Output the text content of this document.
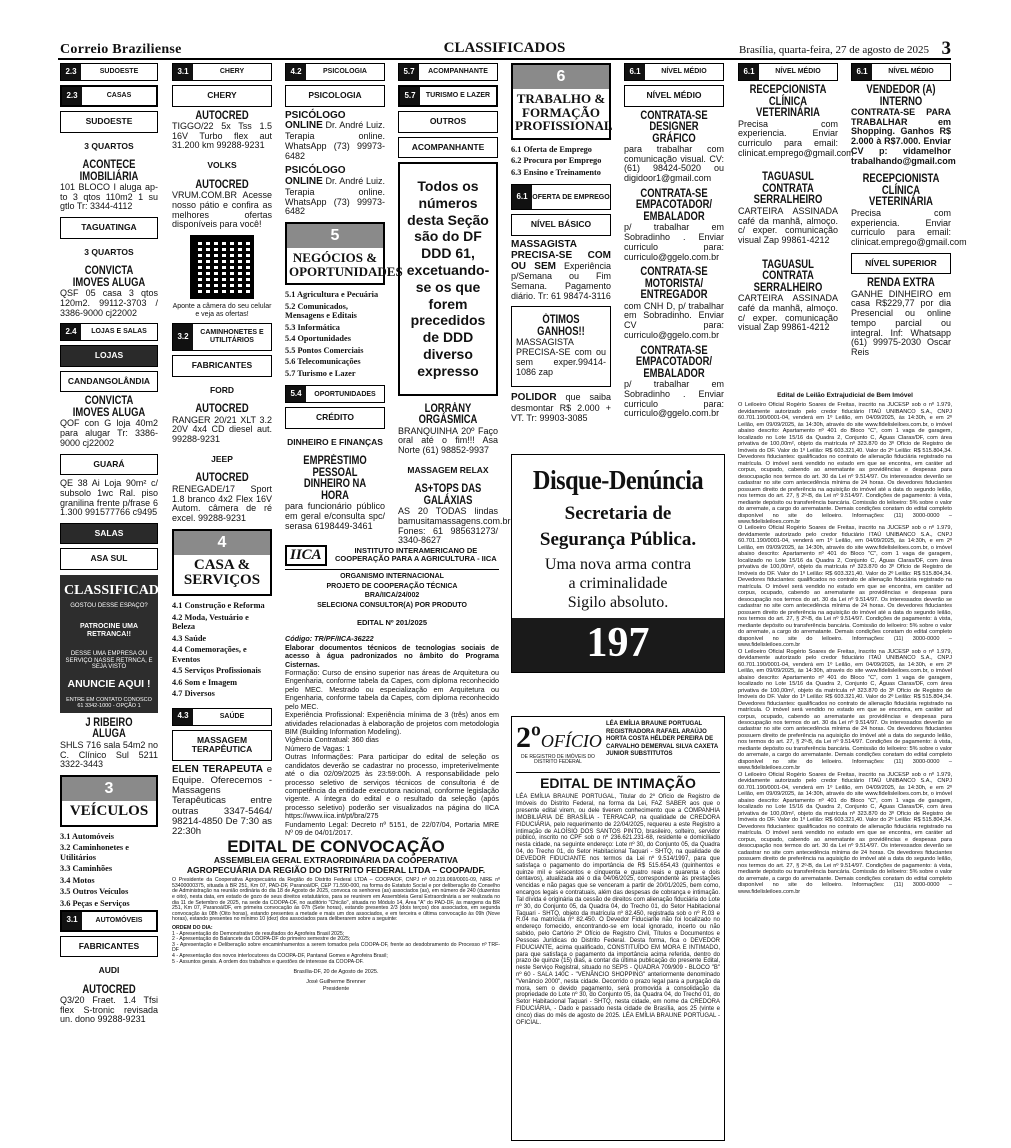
Correio Braziliense	CLASSIFICADOS	Brasília, quarta-feira, 27 de agosto de 2025 3
2.3	SUDOESTE
2.3	CASAS
SUDOESTE
3 QUARTOS
ACONTECE IMOBILIÁRIA
101 BLOCO I aluga ap-to 3 qtos 110m2 1 su gtlo Tr: 3344-4112
TAGUATINGA
3 QUARTOS
CONVICTA IMOVES ALUGA
QSF 05 casa 3 qtos 120m2. 99112-3703 / 3386-9000 cj22002
2.4	LOJAS E SALAS
LOJAS
CANDANGOLÂNDIA
CONVICTA IMOVES ALUGA
QOF con G loja 40m2 para alugar Tr: 3386-9000 cj22002
GUARÁ
QE 38 Ai Loja 90m² c/ subsolo 1wc Ral. piso granilina frente p/frase 6 1.300 991577766 c9495
SALAS
ASA SUL
CLASSIFICADOS
GOSTOU DESSE ESPAÇO?
PATROCINE UMA RETRANCA!!
DESSE UMA EMPRESA OU SERVIÇO NASSE RETRNCA, E SEJA VISTO
ANUNCIE AQUI !
ENTRE EM CONTATO CONOSCO 61 3342-1000 - OPÇÃO 1
J RIBEIRO ALUGA
SHLS 716 sala 54m2 no C. Clínico Sul 5211 3322-3443
3
VEÍCULOS
3.1 Automóveis
3.2 Caminhonetes e Utilitários
3.3 Caminhões
3.4 Motos
3.5 Outros Veículos
3.6 Peças e Serviços
3.1	AUTOMÓVEIS
FABRICANTES
AUDI
AUTOCRED
Q3/20 Fraet. 1.4 Tfsi flex S-tronic revisada un. dono 99288-9231
3.1	CHERY
CHERY
AUTOCRED
TIGGO/22 5x Tss 1.5 16V Turbo flex aut 31.200 km 99288-9231
VOLKS
AUTOCRED
VRUM.COM.BR Acesse nosso pátio e confira as melhores ofertas disponíveis para você!
Aponte a câmera do seu celular e veja as ofertas!
3.2	CAMINHONETES E UTILITÁRIOS
FABRICANTES
FORD
AUTOCRED
RANGER 20/21 XLT 3.2 20V 4x4 CD diesel aut. 99288-9231
JEEP
AUTOCRED
RENEGADE/17 Sport 1.8 branco 4x2 Flex 16V Autom. câmera de ré excel. 99288-9231
4
CASA & SERVIÇOS
4.1 Construção e Reforma
4.2 Moda, Vestuário e Beleza
4.3 Saúde
4.4 Comemorações, e Eventos
4.5 Serviços Profissionais
4.6 Som e Imagem
4.7 Diversos
4.3	SAÚDE
MASSAGEM TERAPÊUTICA
ELEN TERAPEUTA e Equipe. Oferecemos - Massagens Terapêuticas entre outras 3347-5464/ 98214-4850 De 7:30 as 22:30h
4.2	PSICOLOGIA
PSICOLOGIA
PSICÓLOGO ONLINE Dr. André Luiz. Terapia online. WhatsApp (73) 99973-6482
PSICÓLOGO ONLINE Dr. André Luiz. Terapia online. WhatsApp (73) 99973-6482
5
NEGÓCIOS & OPORTUNIDADES
5.1 Agricultura e Pecuária
5.2 Comunicados, Mensagens e Editais
5.3 Informática
5.4 Oportunidades
5.5 Pontos Comerciais
5.6 Telecomunicações
5.7 Turismo e Lazer
5.4	OPORTUNIDADES
CRÉDITO
DINHEIRO E FINANÇAS
EMPRÉSTIMO PESSOAL DINHEIRO NA HORA
para funcionário público em geral e/consulta spc/ serasa 6198449-3461
5.7	ACOMPANHANTE
5.7	TURISMO E LAZER
OUTROS
ACOMPANHANTE
Todos os números desta Seção são do DF DDD 61, excetuando-se os que forem precedidos de DDD diverso expresso
LORRÁNY ORGÁSMICA
BRANQUINHA 20º Faço oral até o fim!!! Asa Norte (61) 98852-9937
MASSAGEM RELAX
AS+TOPS DAS GALÁXIAS
AS 20 TODAS lindas bamusitamassagens.com.br Fones: 61 985631273/ 3340-8627
6
TRABALHO & FORMAÇÃO PROFISSIONAL
6.1 Oferta de Emprego
6.2 Procura por Emprego
6.3 Ensino e Treinamento
6.1 OFERTA DE EMPREGO
NÍVEL BÁSICO
MASSAGISTA PRECISA-SE COM OU SEM Experiência p/Semana ou Fim Semana. Pagamento diário. Tr: 61 98474-3116
ÓTIMOS GANHOS!!
MASSAGISTA PRECISA-SE com ou sem exper.99414-1086 zap
POLIDOR que saiba desmontar R$ 2.000 + VT. Tr: 99903-3085
6.1	NÍVEL MÉDIO
NÍVEL MÉDIO
CONTRATA-SE DESIGNER GRÁFICO
para trabalhar com comunicação visual. CV: (61) 98424-5020 ou digidoor1@gmail.com
CONTRATA-SE EMPACOTADOR/ EMBALADOR
p/ trabalhar em Sobradinho . Enviar curriculo para: curriculo@ggelo.com.br
CONTRATA-SE MOTORISTA/ ENTREGADOR
com CNH D, p/ trabalhar em Sobradinho. Enviar CV para: curriculo@ggelo.com.br
CONTRATA-SE EMPACOTADOR/ EMBALADOR
p/ trabalhar em Sobradinho . Enviar curriculo para: curriculo@ggelo.com.br
6.1	NÍVEL MÉDIO
RECEPCIONISTA CLÍNICA VETERINÁRIA
Precisa com experiencia. Enviar curriculo para email: clinicat.emprego@gmail.com
TAGUASUL CONTRATA SERRALHEIRO
CARTEIRA ASSINADA café da manhã, almoço. c/ exper. comunicação visual Zap 99861-4212
TAGUASUL CONTRATA SERRALHEIRO
CARTEIRA ASSINADA café da manhã, almoço. c/ exper. comunicação visual Zap 99861-4212
6.1	NÍVEL MÉDIO
VENDEDOR (A) INTERNO
CONTRATA-SE PARA TRABALHAR em Shopping. Ganhos R$ 2.000 à R$7.000. Enviar CV p: vidamelhor trabalhando@gmail.com
RECEPCIONISTA CLÍNICA VETERINÁRIA
Precisa com experiencia. Enviar curriculo para email: clinicat.emprego@gmail.com
NÍVEL SUPERIOR
RENDA EXTRA
GANHE DINHEIRO em casa R$229,77 por dia Presencial ou online tempo parcial ou integral. Inf: Whatsapp (61) 99975-2030 Oscar Reis
IICA	INSTITUTO INTERAMERICANO DE COOPERAÇÃO PARA A AGRICULTURA - IICA
ORGANISMO INTERNACIONAL
PROJETO DE COOPERAÇÃO TÉCNICA
BRA/IICA/24/002
SELECIONA CONSULTOR(A) POR PRODUTO
EDITAL Nº 201/2025
Código: TR/PF/IICA-36222
Elaborar documentos técnicos de tecnologias sociais de acesso à água padronizados no âmbito do Programa Cisternas.
Formação: Curso de ensino superior nas áreas de Arquitetura ou Engenharia, conforme tabela da Capes, com diploma reconhecido pelo MEC. Mestrado ou especialização em Arquitetura ou Engenharia, conforme tabela da Capes, com diploma reconhecido pelo MEC.
Experiência Profissional: Experiência mínima de 3 (três) anos em atividades relacionadas à elaboração de projetos com metodologia BIM (Building Information Modeling).
Vigência Contratual: 360 dias
Número de Vagas: 1
Outras Informações: Para participar do edital de seleção os candidatos deverão se cadastrar no processo, impreterivelmente até o dia 02/09/2025 às 23:59:00h. A responsabilidade pelo processo seletivo de serviços técnicos de consultoria é de competência da entidade executora nacional, conforme legislação vigente. A íntegra do edital e o resultado da seleção (após processo seletivo) poderão ser visualizados na página do IICA https://www.iica.int/pt/bra/275
Fundamento Legal: Decreto nº 5151, de 22/07/04, Portaria MRE Nº 09 de 04/01/2017.
EDITAL DE CONVOCAÇÃO
ASSEMBLEIA GERAL EXTRAORDINÁRIA DA COOPERATIVA
AGROPECUÁRIA DA REGIÃO DO DISTRITO FEDERAL LTDA – COOPA/DF.
O Presidente da Cooperativa Agropecuária da Região do Distrito Federal LTDA – COOPA/DF, CNPJ nº 00.219.069/0001-09, NIRE nº 53400000375, situada à BR 251, Km 07, PAD-DF, Paranoá/DF, CEP 71.590-000, na forma do Estatuto Social e por deliberação do Conselho de Administração na reunião ordinária do dia 18 de Agosto de 2025, convoca os senhores (as) associados (as), em número de 240 (duzentos e oito), nesta data, em estado de gozo de seus direitos estatutários, para se reunirem em Assembleia Geral Extraordinária a ser realizada no dia 11 de Setembro de 2025, na sede da COOPA-DF, no auditório "Chicão", situada no Módulo 14, Área "A" do PAD-DF, às margens da BR 251, Km 07, Paranoá/DF, em primeira convocação às 07h (Sete horas), estando presentes 2/3 (dois terços) dos associados, em segunda convocação às 08h (Oito horas), estando presentes a metade e mais um dos associados, e em terceira e última convocação às 09h (Nove horas), estando presentes no mínimo 10 (dez) dos associados para deliberarem sobre a seguinte:
ORDEM DO DIA:
1 - Apresentação do Demonstrativo de resultados do Agrofeira Brasil 2025;
2 - Apresentação do Balancete da COOPA-DF do primeiro semestre de 2025;
3 - Apresentação e Deliberação sobre encaminhamentos a serem tomados pela COOPA-DF, frente ao desdobramento do Processo nº TRF-DF
4 - Apresentação dos novos interlocutores da COOPA-DF, Pantanal Gomes e Agrofeira Brasil;
5 - Assuntos gerais. A ordem dos trabalhos e questões de interesse da COOPA-DF.
Brasília-DF, 20 de Agosto de 2025.
José Guilherme Brenner
Presidente
Disque-Denúncia
Secretaria de
Segurança Pública.
Uma nova arma contra
a criminalidade
Sigilo absoluto.
197
2ºOFÍCIO
DE REGISTRO DE IMÓVEIS DO DISTRITO FEDERAL
LÉA EMÍLIA BRAUNE PORTUGAL REGISTRADORA RAFAEL ARAÚJO HORTA COSTA HÉLDER PEREIRA DE CARVALHO DEMERVAL SILVA CAXETA JUNIOR SUBSTITUTOS
EDITAL DE INTIMAÇÃO
LÉA EMÍLIA BRAUNE PORTUGAL, Titular do 2º Ofício de Registro de Imóveis do Distrito Federal, na forma da Lei, FAZ SABER aos que o presente edital virem, ou dele tiverem conhecimento que a COMPANHIA IMOBILIÁRIA DE BRASÍLIA - TERRACAP, na qualidade de CREDORA FIDUCIÁRIA, pelo requerimento de 22/04/2025, requereu a este Registro a intimação de ALOÍSIO DOS SANTOS PINTO, brasileiro, solteiro, servidor público, inscrito no CPF sob o nº 236.621.231-68, residente e domiciliado nesta cidade, na seguinte endereço: Lote nº 30, do Conjunto 05, da Quadra 04, do Trecho 01, do Setor Habitacional Taquari - SHTQ, na qualidade de DEVEDOR FIDUCIANTE nos termos da Lei nº 9.514/1997, para que satisfaça o pagamento do importância de R$ 515.654,43 (quinhentos e quinze mil e seiscentos e cinquenta e quatro reais e quarenta e dois centavos), atualizada até o dia 04/06/2025, correspondente às prestações vencidas e não pagas que se venceram a partir de 20/01/2025, bem como, encargos legais e contratuais, além das despesas de cobrança e intimação. Tal dívida é originária da cessão de direitos com alienação fiduciária do Lote nº 30, do Conjunto 05, da Quadra 04, do Trecho 01, do Setor Habitacional Taquari - SHTQ, objeto da matrícula nº 82.450, registrada sob o nº R.03 e R.04 na matrícula nº 82.450. O Devedor Fiduciante não foi localizado no endereço fornecido, encontrando-se em local ignorado, incerto ou não sabido, pelo Cartório 2º Ofício de Registro Civil, Títulos e Documentos e Pessoas Jurídicas do Distrito Federal. Desta forma, fica o DEVEDOR FIDUCIANTE, acima qualificado, CONSTITUÍDO EM MORA E INTIMADO, para que satisfaça o pagamento da importância acima referida, dentro do prazo de quinze (15) dias, a contar da última publicação do presente Edital, neste Serviço Registral, situado no SEPS - QUADRA 709/909 - BLOCO "B" nº 60 - SALA 140C - "VENÂNCIO SHOPPING" anteriormente denominado "Venâncio 2000", nesta cidade. Decorrido o prazo legal para a purgação da mora, sem o devido pagamento, será promovida a consolidação da propriedade do Lote nº 30, do Conjunto 05, da Quadra 04, do Trecho 01, do Setor Habitacional Taquari - SHTQ, nesta cidade, em nome da CREDORA FIDUCIÁRIA, - Dado e passado nesta cidade de Brasília, aos 25 (vinte e cinco) dias do mês de agosto de 2025. LÉA EMÍLIA BRAUNE PORTUGAL - OFICIAL.
Edital de Leilão Extrajudicial de Bem Imóvel
O Leiloeiro Oficial Rogério Soares de Freitas, inscrito na JUCESP sob o nº 1.979, devidamente autorizado pelo credor fiduciário ITAÚ UNIBANCO S.A., CNPJ 60.701.190/0001-04, venderá em 1º Leilão, em 04/09/2025, às 14:30h, e em 2º Leilão, em 09/09/2025, às 14:30h, através do site www.fidelisleiloes.com.br, o imóvel abaixo descrito: Apartamento nº 401 do Bloco "C", com 1 vaga de garagem, localizado no Lote 15/16 da Quadra 2, Conjunto C, Águas Claras/DF, com área privativa de 100,00m², objeto da matrícula nº 323.870 do 3º Ofício de Registro de Imóveis do DF. Valor do 1º Leilão: R$ 603.321,40. Valor do 2º Leilão: R$ 515.804,34. Devedores fiduciantes: qualificados no contrato de alienação fiduciária registrado na matrícula. O imóvel será vendido no estado em que se encontra, em caráter ad corpus, ocupado, cabendo ao arrematante as providências e despesas para desocupação nos termos do art. 30 da Lei nº 9.514/97. Os interessados deverão se cadastrar no site com antecedência mínima de 24 horas. Os devedores fiduciantes possuem direito de preferência na aquisição do imóvel até a data do segundo leilão, nos termos do art. 27, § 2º-B, da Lei nº 9.514/97. Condições de pagamento: à vista, mediante depósito ou transferência bancária. Comissão do leiloeiro: 5% sobre o valor do arremate, a cargo do arrematante. Demais condições constam do edital completo disponível no site do leiloeiro. Informações: (11) 3000-0000 – www.fidelisleiloes.com.br
O Leiloeiro Oficial Rogério Soares de Freitas, inscrito na JUCESP sob o nº 1.979, devidamente autorizado pelo credor fiduciário ITAÚ UNIBANCO S.A., CNPJ 60.701.190/0001-04, venderá em 1º Leilão, em 04/09/2025, às 14:30h, e em 2º Leilão, em 09/09/2025, às 14:30h, através do site www.fidelisleiloes.com.br, o imóvel abaixo descrito: Apartamento nº 401 do Bloco "C", com 1 vaga de garagem, localizado no Lote 15/16 da Quadra 2, Conjunto C, Águas Claras/DF, com área privativa de 100,00m², objeto da matrícula nº 323.870 do 3º Ofício de Registro de Imóveis do DF. Valor do 1º Leilão: R$ 603.321,40. Valor do 2º Leilão: R$ 515.804,34. Devedores fiduciantes: qualificados no contrato de alienação fiduciária registrado na matrícula. O imóvel será vendido no estado em que se encontra, em caráter ad corpus, ocupado, cabendo ao arrematante as providências e despesas para desocupação nos termos do art. 30 da Lei nº 9.514/97. Os interessados deverão se cadastrar no site com antecedência mínima de 24 horas. Os devedores fiduciantes possuem direito de preferência na aquisição do imóvel até a data do segundo leilão, nos termos do art. 27, § 2º-B, da Lei nº 9.514/97. Condições de pagamento: à vista, mediante depósito ou transferência bancária. Comissão do leiloeiro: 5% sobre o valor do arremate, a cargo do arrematante. Demais condições constam do edital completo disponível no site do leiloeiro. Informações: (11) 3000-0000 – www.fidelisleiloes.com.br
O Leiloeiro Oficial Rogério Soares de Freitas, inscrito na JUCESP sob o nº 1.979, devidamente autorizado pelo credor fiduciário ITAÚ UNIBANCO S.A., CNPJ 60.701.190/0001-04, venderá em 1º Leilão, em 04/09/2025, às 14:30h, e em 2º Leilão, em 09/09/2025, às 14:30h, através do site www.fidelisleiloes.com.br, o imóvel abaixo descrito: Apartamento nº 401 do Bloco "C", com 1 vaga de garagem, localizado no Lote 15/16 da Quadra 2, Conjunto C, Águas Claras/DF, com área privativa de 100,00m², objeto da matrícula nº 323.870 do 3º Ofício de Registro de Imóveis do DF. Valor do 1º Leilão: R$ 603.321,40. Valor do 2º Leilão: R$ 515.804,34. Devedores fiduciantes: qualificados no contrato de alienação fiduciária registrado na matrícula. O imóvel será vendido no estado em que se encontra, em caráter ad corpus, ocupado, cabendo ao arrematante as providências e despesas para desocupação nos termos do art. 30 da Lei nº 9.514/97. Os interessados deverão se cadastrar no site com antecedência mínima de 24 horas. Os devedores fiduciantes possuem direito de preferência na aquisição do imóvel até a data do segundo leilão, nos termos do art. 27, § 2º-B, da Lei nº 9.514/97. Condições de pagamento: à vista, mediante depósito ou transferência bancária. Comissão do leiloeiro: 5% sobre o valor do arremate, a cargo do arrematante. Demais condições constam do edital completo disponível no site do leiloeiro. Informações: (11) 3000-0000 – www.fidelisleiloes.com.br
O Leiloeiro Oficial Rogério Soares de Freitas, inscrito na JUCESP sob o nº 1.979, devidamente autorizado pelo credor fiduciário ITAÚ UNIBANCO S.A., CNPJ 60.701.190/0001-04, venderá em 1º Leilão, em 04/09/2025, às 14:30h, e em 2º Leilão, em 09/09/2025, às 14:30h, através do site www.fidelisleiloes.com.br, o imóvel abaixo descrito: Apartamento nº 401 do Bloco "C", com 1 vaga de garagem, localizado no Lote 15/16 da Quadra 2, Conjunto C, Águas Claras/DF, com área privativa de 100,00m², objeto da matrícula nº 323.870 do 3º Ofício de Registro de Imóveis do DF. Valor do 1º Leilão: R$ 603.321,40. Valor do 2º Leilão: R$ 515.804,34. Devedores fiduciantes: qualificados no contrato de alienação fiduciária registrado na matrícula. O imóvel será vendido no estado em que se encontra, em caráter ad corpus, ocupado, cabendo ao arrematante as providências e despesas para desocupação nos termos do art. 30 da Lei nº 9.514/97. Os interessados deverão se cadastrar no site com antecedência mínima de 24 horas. Os devedores fiduciantes possuem direito de preferência na aquisição do imóvel até a data do segundo leilão, nos termos do art. 27, § 2º-B, da Lei nº 9.514/97. Condições de pagamento: à vista, mediante depósito ou transferência bancária. Comissão do leiloeiro: 5% sobre o valor do arremate, a cargo do arrematante. Demais condições constam do edital completo disponível no site do leiloeiro. Informações: (11) 3000-0000 – www.fidelisleiloes.com.br
